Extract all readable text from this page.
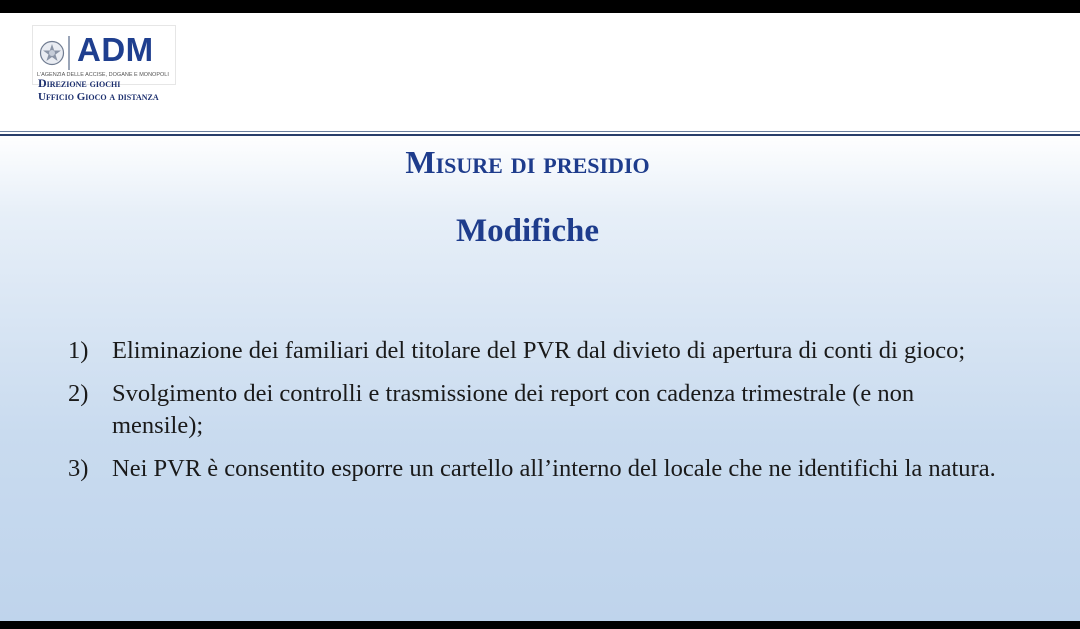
ADM
L'AGENZIA DELLE ACCISE, DOGANE E MONOPOLI
Direzione giochi
Ufficio Gioco a distanza
Misure di presidio
Modifiche
1) Eliminazione dei familiari del titolare del PVR dal divieto di apertura di conti di gioco;
2) Svolgimento dei controlli e trasmissione dei report con cadenza trimestrale (e non mensile);
3) Nei PVR è consentito esporre un cartello all’interno del locale che ne identifichi la natura.
